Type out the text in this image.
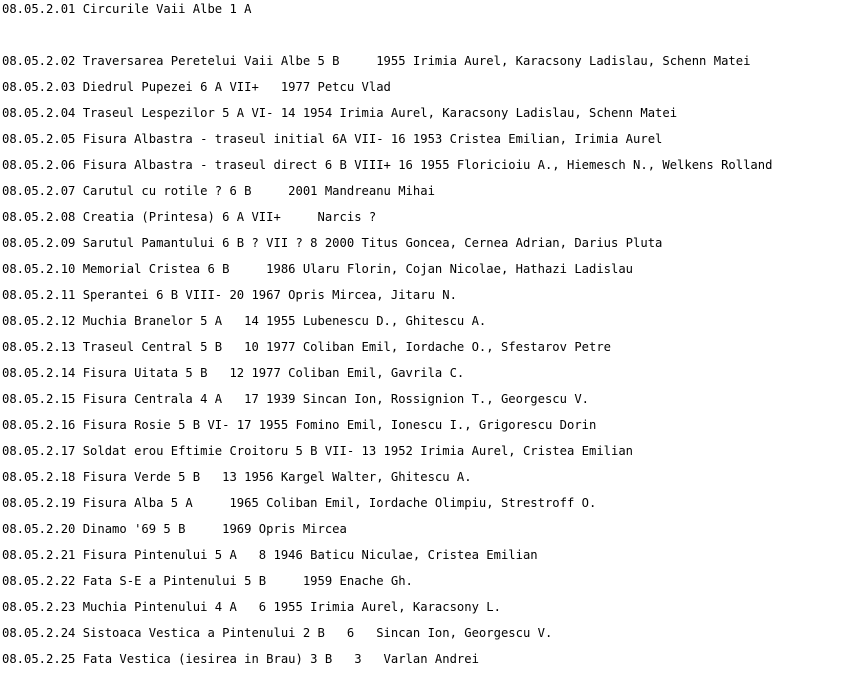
08.05.2.01 Circurile Vaii Albe 1 A
08.05.2.02 Traversarea Peretelui Vaii Albe 5 B     1955 Irimia Aurel, Karacsony Ladislau, Schenn Matei
08.05.2.03 Diedrul Pupezei 6 A VII+   1977 Petcu Vlad
08.05.2.04 Traseul Lespezilor 5 A VI- 14 1954 Irimia Aurel, Karacsony Ladislau, Schenn Matei
08.05.2.05 Fisura Albastra - traseul initial 6A VII- 16 1953 Cristea Emilian, Irimia Aurel
08.05.2.06 Fisura Albastra - traseul direct 6 B VIII+ 16 1955 Floricioiu A., Hiemesch N., Welkens Rolland
08.05.2.07 Carutul cu rotile ? 6 B     2001 Mandreanu Mihai
08.05.2.08 Creatia (Printesa) 6 A VII+     Narcis ?
08.05.2.09 Sarutul Pamantului 6 B ? VII ? 8 2000 Titus Goncea, Cernea Adrian, Darius Pluta
08.05.2.10 Memorial Cristea 6 B     1986 Ularu Florin, Cojan Nicolae, Hathazi Ladislau
08.05.2.11 Sperantei 6 B VIII- 20 1967 Opris Mircea, Jitaru N.
08.05.2.12 Muchia Branelor 5 A   14 1955 Lubenescu D., Ghitescu A.
08.05.2.13 Traseul Central 5 B   10 1977 Coliban Emil, Iordache O., Sfestarov Petre
08.05.2.14 Fisura Uitata 5 B   12 1977 Coliban Emil, Gavrila C.
08.05.2.15 Fisura Centrala 4 A   17 1939 Sincan Ion, Rossignion T., Georgescu V.
08.05.2.16 Fisura Rosie 5 B VI- 17 1955 Fomino Emil, Ionescu I., Grigorescu Dorin
08.05.2.17 Soldat erou Eftimie Croitoru 5 B VII- 13 1952 Irimia Aurel, Cristea Emilian
08.05.2.18 Fisura Verde 5 B   13 1956 Kargel Walter, Ghitescu A.
08.05.2.19 Fisura Alba 5 A     1965 Coliban Emil, Iordache Olimpiu, Strestroff O.
08.05.2.20 Dinamo '69 5 B     1969 Opris Mircea
08.05.2.21 Fisura Pintenului 5 A   8 1946 Baticu Niculae, Cristea Emilian
08.05.2.22 Fata S-E a Pintenului 5 B     1959 Enache Gh.
08.05.2.23 Muchia Pintenului 4 A   6 1955 Irimia Aurel, Karacsony L.
08.05.2.24 Sistoaca Vestica a Pintenului 2 B   6   Sincan Ion, Georgescu V.
08.05.2.25 Fata Vestica (iesirea in Brau) 3 B   3   Varlan Andrei
